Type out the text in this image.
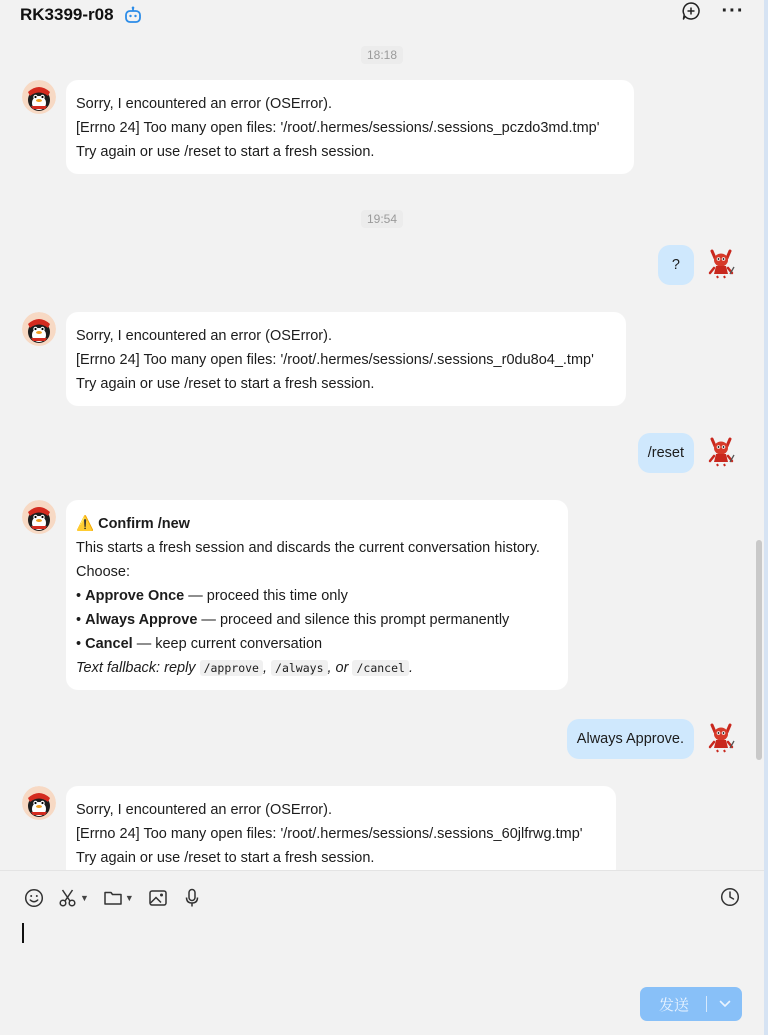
RK3399-r08	···
18:18
Sorry, I encountered an error (OSError).
[Errno 24] Too many open files: '/root/.hermes/sessions/.sessions_pczdo3md.tmp'
Try again or use /reset to start a fresh session.
19:54
?
Sorry, I encountered an error (OSError).
[Errno 24] Too many open files: '/root/.hermes/sessions/.sessions_r0du8o4_.tmp'
Try again or use /reset to start a fresh session.
/reset
⚠️ Confirm /new
This starts a fresh session and discards the current conversation history.
Choose:
• Approve Once — proceed this time only
• Always Approve — proceed and silence this prompt permanently
• Cancel — keep current conversation
Text fallback: reply /approve , /always , or /cancel .
Always Approve.
Sorry, I encountered an error (OSError).
[Errno 24] Too many open files: '/root/.hermes/sessions/.sessions_60jlfrwg.tmp'
Try again or use /reset to start a fresh session.
▼	▼
发送
